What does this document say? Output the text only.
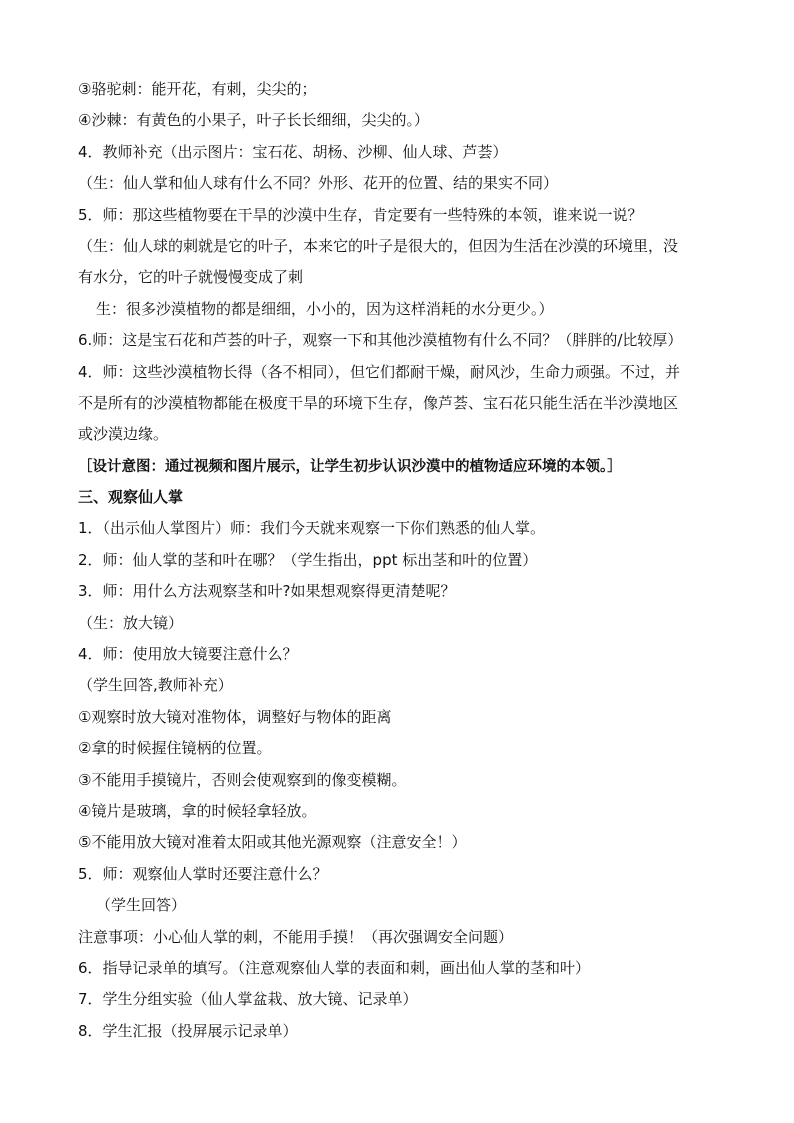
③骆驼刺：能开花，有刺，尖尖的；
④沙棘：有黄色的小果子，叶子长长细细，尖尖的。）
4．教师补充（出示图片：宝石花、胡杨、沙柳、仙人球、芦荟）
（生：仙人掌和仙人球有什么不同？外形、花开的位置、结的果实不同）
5．师：那这些植物要在干旱的沙漠中生存，肯定要有一些特殊的本领，谁来说一说？
（生：仙人球的刺就是它的叶子，本来它的叶子是很大的，但因为生活在沙漠的环境里，没
有水分，它的叶子就慢慢变成了刺
生：很多沙漠植物的都是细细，小小的，因为这样消耗的水分更少。）
6.师：这是宝石花和芦荟的叶子，观察一下和其他沙漠植物有什么不同？（胖胖的/比较厚）
4．师：这些沙漠植物长得（各不相同），但它们都耐干燥，耐风沙，生命力顽强。不过，并
不是所有的沙漠植物都能在极度干旱的环境下生存，像芦荟、宝石花只能生活在半沙漠地区
或沙漠边缘。
［设计意图：通过视频和图片展示，让学生初步认识沙漠中的植物适应环境的本领。］
三、观察仙人掌
1．（出示仙人掌图片）师：我们今天就来观察一下你们熟悉的仙人掌。
2．师：仙人掌的茎和叶在哪？（学生指出，ppt 标出茎和叶的位置）
3．师：用什么方法观察茎和叶?如果想观察得更清楚呢？
（生：放大镜）
4．师：使用放大镜要注意什么？
（学生回答,教师补充）
①观察时放大镜对准物体，调整好与物体的距离
②拿的时候握住镜柄的位置。
③不能用手摸镜片，否则会使观察到的像变模糊。
④镜片是玻璃，拿的时候轻拿轻放。
⑤不能用放大镜对准着太阳或其他光源观察（注意安全！）
5．师：观察仙人掌时还要注意什么？
（学生回答）
注意事项：小心仙人掌的刺，不能用手摸！（再次强调安全问题）
6．指导记录单的填写。（注意观察仙人掌的表面和刺，画出仙人掌的茎和叶）
7．学生分组实验（仙人掌盆栽、放大镜、记录单）
8．学生汇报（投屏展示记录单）
